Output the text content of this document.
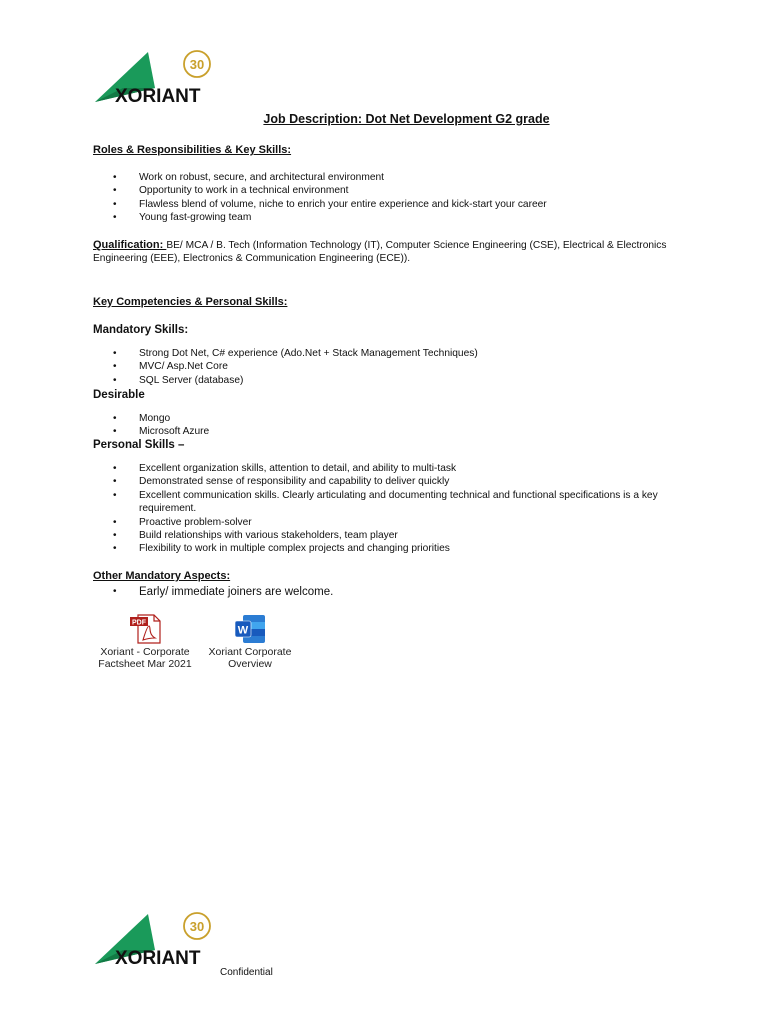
30
XORIANT
Job Description: Dot Net Development G2 grade
Roles & Responsibilities & Key Skills:
• Work on robust, secure, and architectural environment
• Opportunity to work in a technical environment
• Flawless blend of volume, niche to enrich your entire experience and kick-start your career
• Young fast-growing team
Qualification: BE/ MCA / B. Tech (Information Technology (IT), Computer Science Engineering (CSE), Electrical & Electronics Engineering (EEE), Electronics & Communication Engineering (ECE)).
Key Competencies & Personal Skills:
Mandatory Skills:
• Strong Dot Net, C# experience (Ado.Net + Stack Management Techniques)
• MVC/ Asp.Net Core
• SQL Server (database)
Desirable
• Mongo
• Microsoft Azure
Personal Skills –
• Excellent organization skills, attention to detail, and ability to multi-task
• Demonstrated sense of responsibility and capability to deliver quickly
• Excellent communication skills. Clearly articulating and documenting technical and functional specifications is a key requirement.
• Proactive problem-solver
• Build relationships with various stakeholders, team player
• Flexibility to work in multiple complex projects and changing priorities
Other Mandatory Aspects:
• Early/ immediate joiners are welcome.
PDF
Xoriant - Corporate
Factsheet Mar 2021
W
Xoriant Corporate
Overview
30
XORIANT
Confidential
